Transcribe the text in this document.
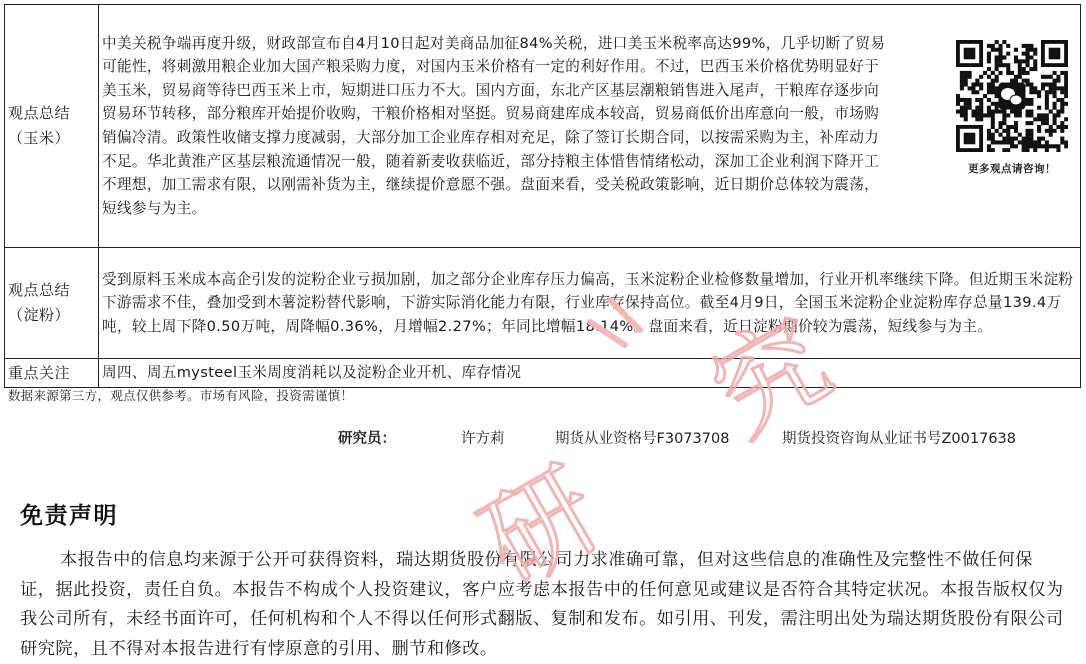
观点总结（玉米）	中美关税争端再度升级，财政部宣布自4月10日起对美商品加征84%关税，进口美玉米税率高达99%，几乎切断了贸易可能性，将刺激用粮企业加大国产粮采购力度，对国内玉米价格有一定的利好作用。不过，巴西玉米价格优势明显好于美玉米，贸易商等待巴西玉米上市，短期进口压力不大。国内方面，东北产区基层潮粮销售进入尾声，干粮库存逐步向贸易环节转移，部分粮库开始提价收购，干粮价格相对坚挺。贸易商建库成本较高，贸易商低价出库意向一般，市场购销偏冷清。政策性收储支撑力度减弱，大部分加工企业库存相对充足，除了签订长期合同，以按需采购为主，补库动力不足。华北黄淮产区基层粮流通情况一般，随着新麦收获临近，部分持粮主体惜售情绪松动，深加工企业利润下降开工不理想，加工需求有限，以刚需补货为主，继续提价意愿不强。盘面来看，受关税政策影响，近日期价总体较为震荡，短线参与为主。
更多观点请咨询！

观点总结（淀粉）	受到原料玉米成本高企引发的淀粉企业亏损加剧，加之部分企业库存压力偏高，玉米淀粉企业检修数量增加，行业开机率继续下降。但近期玉米淀粉下游需求不佳，叠加受到木薯淀粉替代影响，下游实际消化能力有限，行业库存保持高位。截至4月9日，全国玉米淀粉企业淀粉库存总量139.4万吨，较上周下降0.50万吨，周降幅0.36%，月增幅2.27%；年同比增幅18.14%。盘面来看，近日淀粉期价较为震荡，短线参与为主。
重点关注	周四、周五mysteel玉米周度消耗以及淀粉企业开机、库存情况
数据来源第三方，观点仅供参考。市场有风险，投资需谨慎！
研究员：	许方莉	期货从业资格号F3073708	期货投资咨询从业证书号Z0017638
免责声明
本报告中的信息均来源于公开可获得资料，瑞达期货股份有限公司力求准确可靠，但对这些信息的准确性及完整性不做任何保证，据此投资，责任自负。本报告不构成个人投资建议，客户应考虑本报告中的任何意见或建议是否符合其特定状况。本报告版权仅为我公司所有，未经书面许可，任何机构和个人不得以任何形式翻版、复制和发布。如引用、刊发，需注明出处为瑞达期货股份有限公司研究院，且不得对本报告进行有悖原意的引用、删节和修改。
研
究
